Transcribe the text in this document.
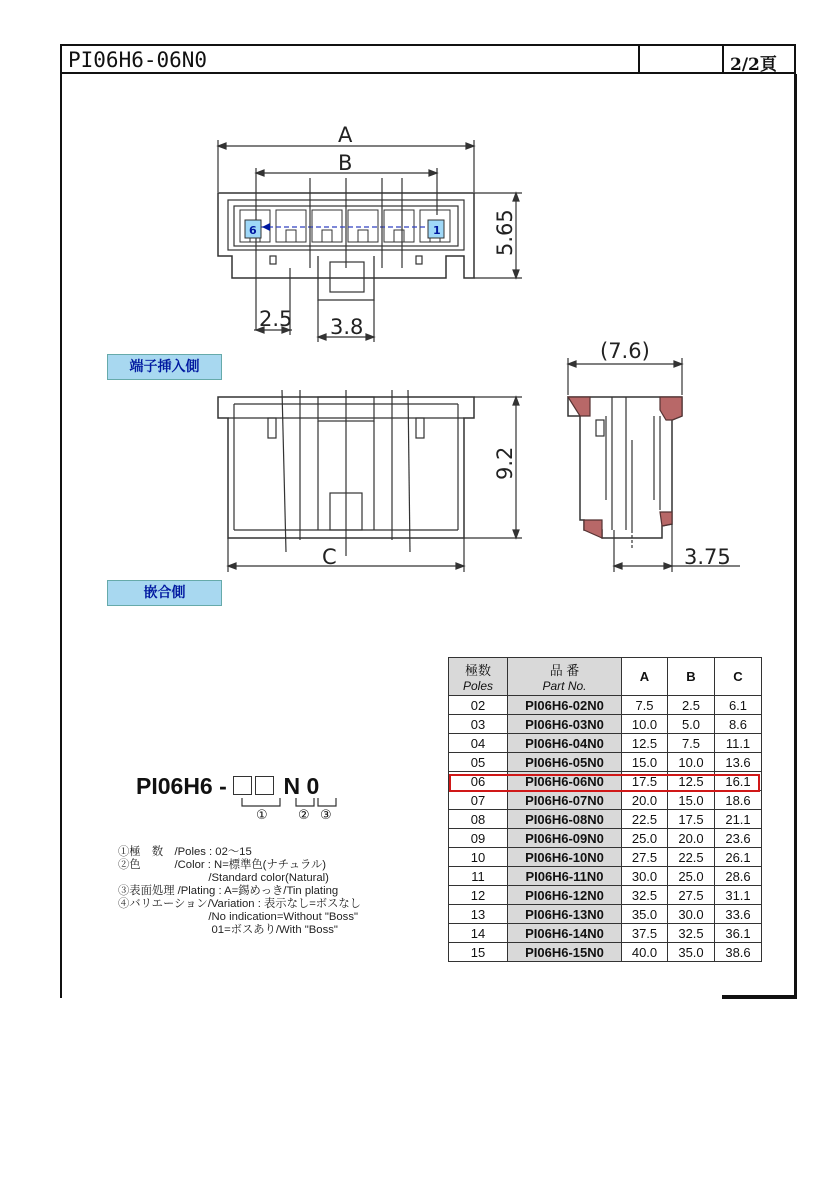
PI06H6-06N0	2/2頁
6	1
A
B
5.65
2.5 3.8
(7.6)
9.2
C	3.75
端子挿入側
嵌合側
PI06H6 - N 0
① ② ③
①極　数　/Poles : 02～15
②色　　　/Color : N=標準色(ナチュラル)
　　　　　　　　/Standard color(Natural)
③表面処理 /Plating : A=錫めっき/Tin plating
④バリエーション/Variation : 表示なし=ボスなし
　　　　　　　　/No indication=Without "Boss"
　　　　　　　　 01=ボスあり/With "Boss"
極数
Poles	品 番
Part No.	A	B	C
02	PI06H6-02N0	7.5	2.5	6.1
03	PI06H6-03N0	10.0	5.0	8.6
04	PI06H6-04N0	12.5	7.5	11.1
05	PI06H6-05N0	15.0	10.0	13.6
06	PI06H6-06N0	17.5	12.5	16.1
07	PI06H6-07N0	20.0	15.0	18.6
08	PI06H6-08N0	22.5	17.5	21.1
09	PI06H6-09N0	25.0	20.0	23.6
10	PI06H6-10N0	27.5	22.5	26.1
11	PI06H6-11N0	30.0	25.0	28.6
12	PI06H6-12N0	32.5	27.5	31.1
13	PI06H6-13N0	35.0	30.0	33.6
14	PI06H6-14N0	37.5	32.5	36.1
15	PI06H6-15N0	40.0	35.0	38.6
